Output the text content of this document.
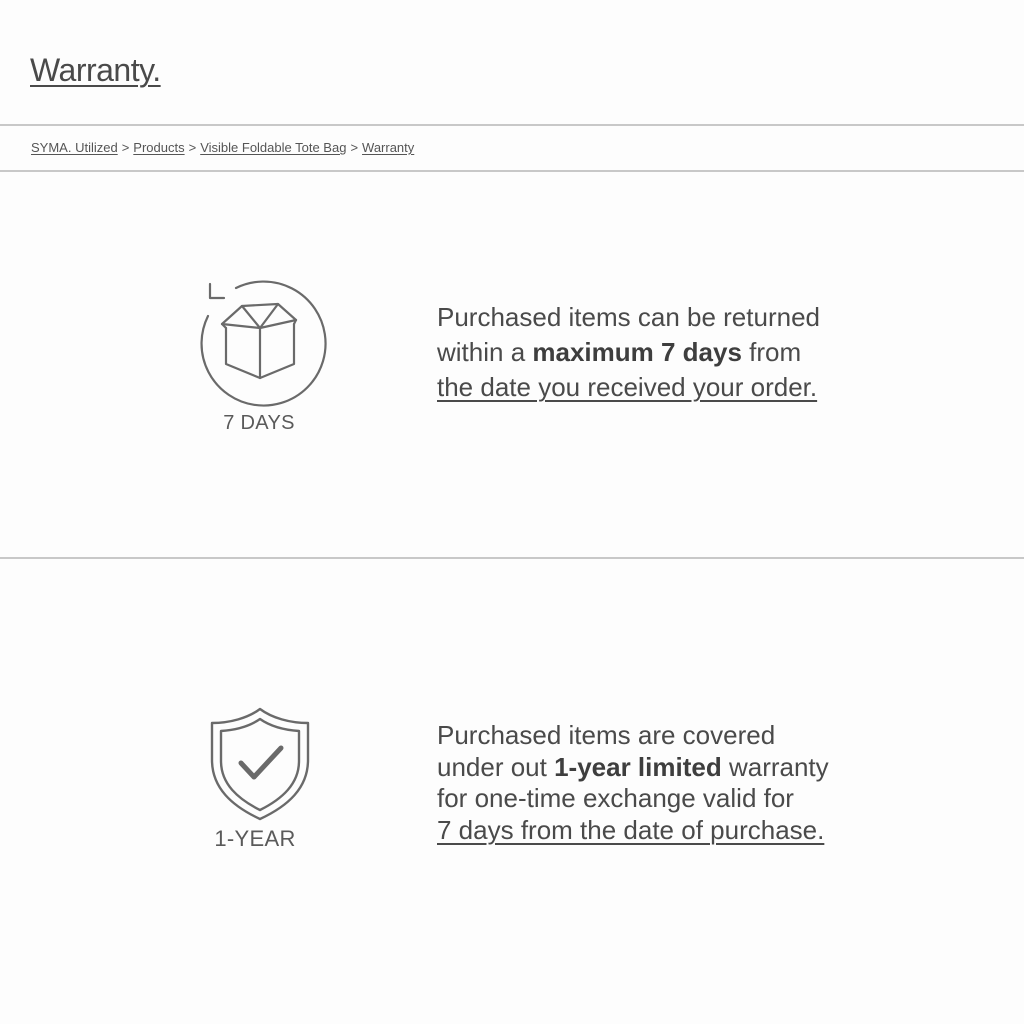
Warranty.
SYMA. Utilized > Products > Visible Foldable Tote Bag > Warranty
7 DAYS

Purchased items can be returned
within a maximum 7 days from
the date you received your order.

1-YEAR

Purchased items are covered
under out 1-year limited warranty
for one-time exchange valid for
7 days from the date of purchase.
